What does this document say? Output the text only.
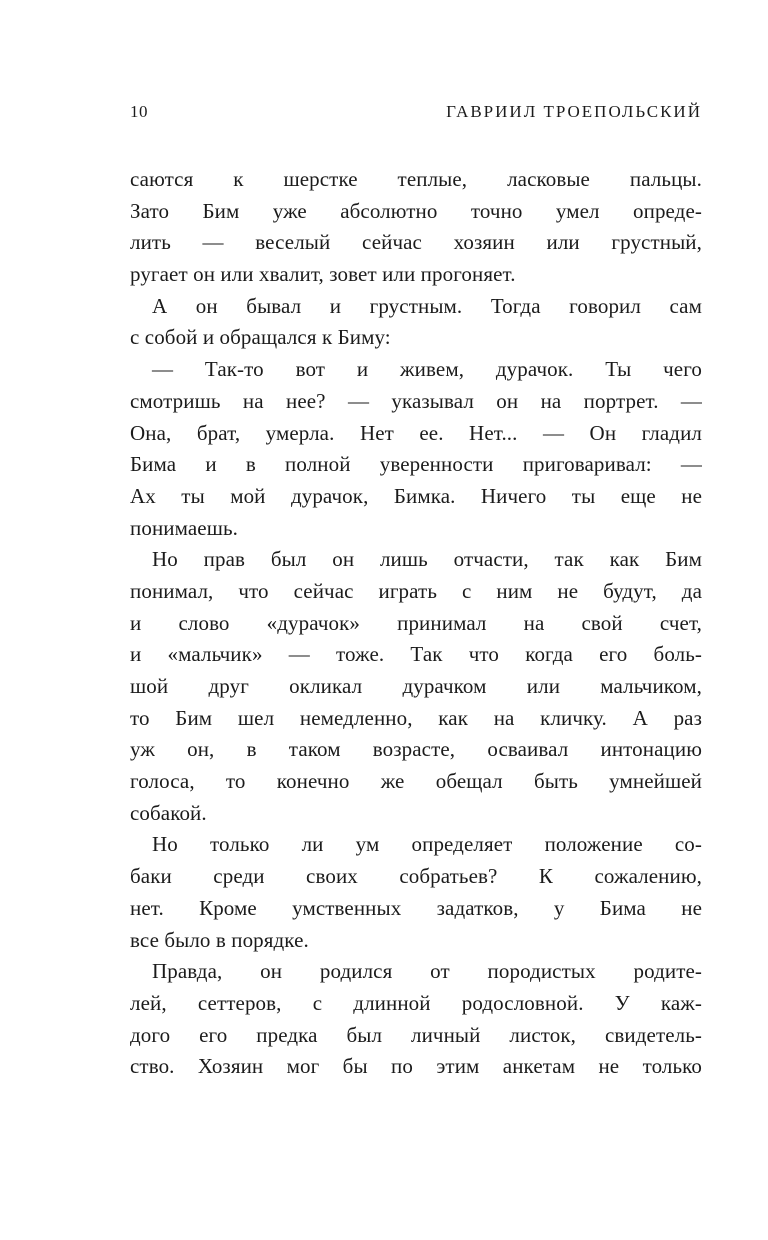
10	ГАВРИИЛ ТРОЕПОЛЬСКИЙ
саются к шерстке теплые, ласковые пальцы.
Зато Бим уже абсолютно точно умел опреде-
лить — веселый сейчас хозяин или грустный,
ругает он или хвалит, зовет или прогоняет.
А он бывал и грустным. Тогда говорил сам
с собой и обращался к Биму:
— Так-то вот и живем, дурачок. Ты чего
смотришь на нее? — указывал он на портрет. —
Она, брат, умерла. Нет ее. Нет... — Он гладил
Бима и в полной уверенности приговаривал: —
Ах ты мой дурачок, Бимка. Ничего ты еще не
понимаешь.
Но прав был он лишь отчасти, так как Бим
понимал, что сейчас играть с ним не будут, да
и слово «дурачок» принимал на свой счет,
и «мальчик» — тоже. Так что когда его боль-
шой друг окликал дурачком или мальчиком,
то Бим шел немедленно, как на кличку. А раз
уж он, в таком возрасте, осваивал интонацию
голоса, то конечно же обещал быть умнейшей
собакой.
Но только ли ум определяет положение со-
баки среди своих собратьев? К сожалению,
нет. Кроме умственных задатков, у Бима не
все было в порядке.
Правда, он родился от породистых родите-
лей, сеттеров, с длинной родословной. У каж-
дого его предка был личный листок, свидетель-
ство. Хозяин мог бы по этим анкетам не только
